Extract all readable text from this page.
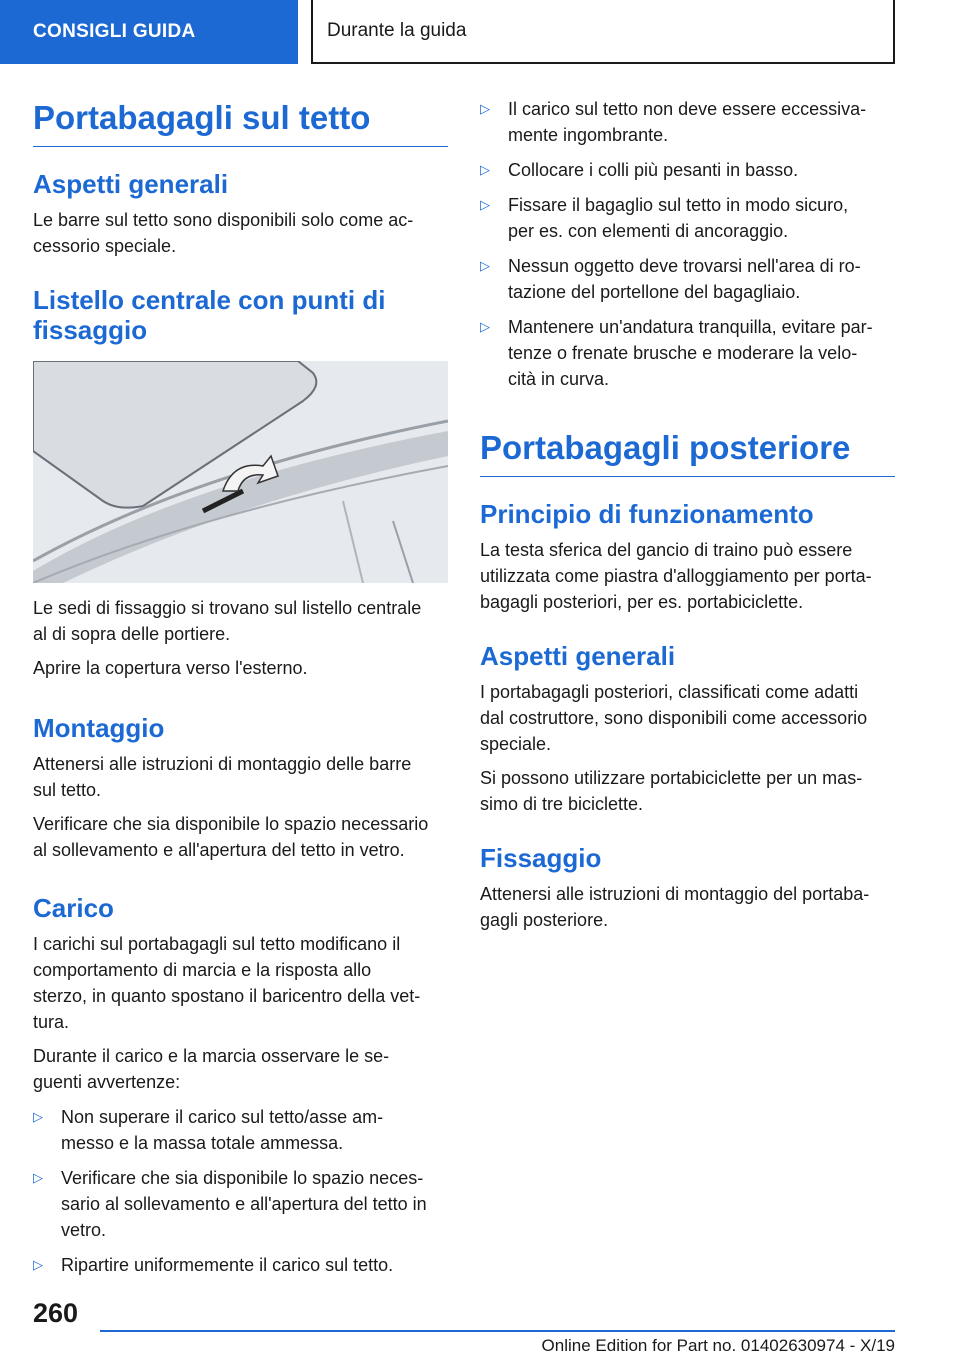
CONSIGLI GUIDA	Durante la guida
Portabagagli sul tetto
Aspetti generali

Le barre sul tetto sono disponibili solo come ac-
cessorio speciale.

Listello centrale con punti di
fissaggio

Le sedi di fissaggio si trovano sul listello centrale
al di sopra delle portiere.

Aprire la copertura verso l'esterno.

Montaggio

Attenersi alle istruzioni di montaggio delle barre
sul tetto.

Verificare che sia disponibile lo spazio necessario
al sollevamento e all'apertura del tetto in vetro.

Carico

I carichi sul portabagagli sul tetto modificano il
comportamento di marcia e la risposta allo
sterzo, in quanto spostano il baricentro della vet-
tura.

Durante il carico e la marcia osservare le se-
guenti avvertenze:

▷	Non superare il carico sul tetto/asse am-
messo e la massa totale ammessa.
▷	Verificare che sia disponibile lo spazio neces-
sario al sollevamento e all'apertura del tetto in
vetro.
▷	Ripartire uniformemente il carico sul tetto.
▷	Il carico sul tetto non deve essere eccessiva-
mente ingombrante.
▷	Collocare i colli più pesanti in basso.
▷	Fissare il bagaglio sul tetto in modo sicuro,
per es. con elementi di ancoraggio.
▷	Nessun oggetto deve trovarsi nell'area di ro-
tazione del portellone del bagagliaio.
▷	Mantenere un'andatura tranquilla, evitare par-
tenze o frenate brusche e moderare la velo-
cità in curva.
Portabagagli posteriore
Principio di funzionamento

La testa sferica del gancio di traino può essere
utilizzata come piastra d'alloggiamento per porta-
bagagli posteriori, per es. portabiciclette.

Aspetti generali

I portabagagli posteriori, classificati come adatti
dal costruttore, sono disponibili come accessorio
speciale.

Si possono utilizzare portabiciclette per un mas-
simo di tre biciclette.

Fissaggio

Attenersi alle istruzioni di montaggio del portaba-
gagli posteriore.

260
Online Edition for Part no. 01402630974 - X/19
